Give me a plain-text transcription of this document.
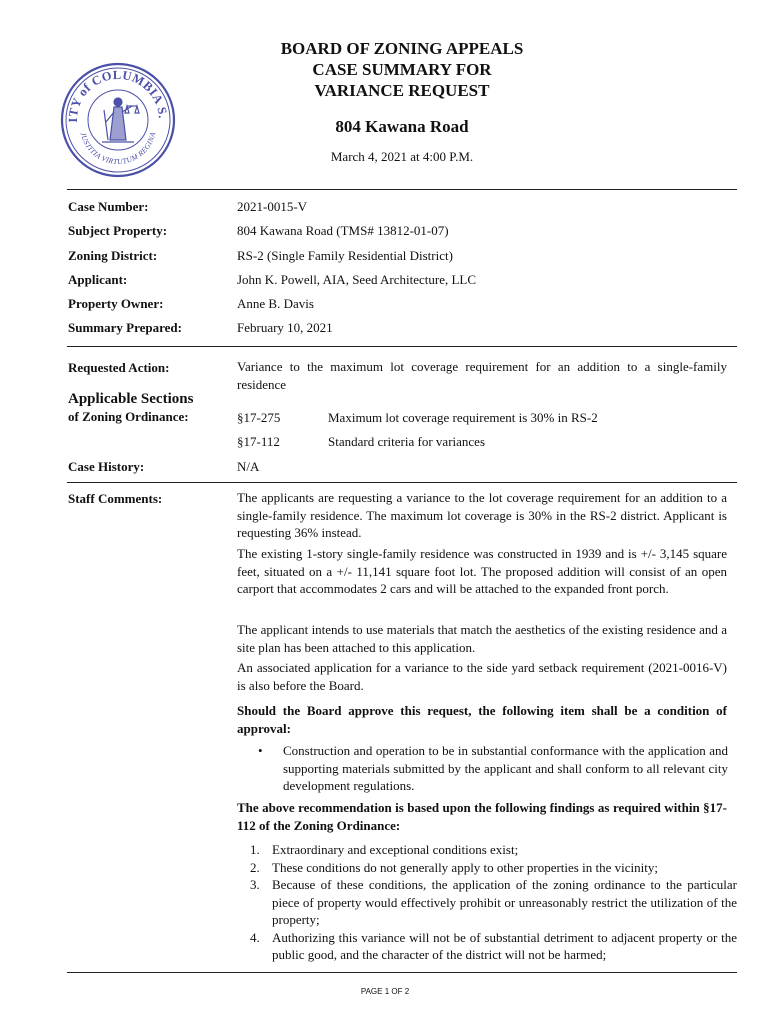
ITY of COLUMBIA S.
JUSTITIA VIRTUTUM REGINA
BOARD OF ZONING APPEALS
CASE SUMMARY FOR
VARIANCE REQUEST
804 Kawana Road
March 4, 2021 at 4:00 P.M.
Case Number:	2021-0015-V
Subject Property:	804 Kawana Road (TMS# 13812-01-07)
Zoning District:	RS-2 (Single Family Residential District)
Applicant:	John K. Powell, AIA, Seed Architecture, LLC
Property Owner:	Anne B. Davis
Summary Prepared:	February 10, 2021
Requested Action:	Variance to the maximum lot coverage requirement for an addition to a single-family residence
Applicable Sections
of Zoning Ordinance:	§17-275	Maximum lot coverage requirement is 30% in RS-2
§17-112	Standard criteria for variances
Case History:	N/A
Staff Comments:	The applicants are requesting a variance to the lot coverage requirement for an addition to a single-family residence. The maximum lot coverage is 30% in the RS-2 district. Applicant is requesting 36% instead.
The existing 1-story single-family residence was constructed in 1939 and is +/- 3,145 square feet, situated on a +/- 11,141 square foot lot. The proposed addition will consist of an open carport that accommodates 2 cars and will be attached to the expanded front porch.
The applicant intends to use materials that match the aesthetics of the existing residence and a site plan has been attached to this application.
An associated application for a variance to the side yard setback requirement (2021-0016-V) is also before the Board.
Should the Board approve this request, the following item shall be a condition of approval:
• Construction and operation to be in substantial conformance with the application and supporting materials submitted by the applicant and shall conform to all relevant city development regulations.
The above recommendation is based upon the following findings as required within §17-112 of the Zoning Ordinance:
1. Extraordinary and exceptional conditions exist;
2. These conditions do not generally apply to other properties in the vicinity;
3. Because of these conditions, the application of the zoning ordinance to the particular piece of property would effectively prohibit or unreasonably restrict the utilization of the property;
4. Authorizing this variance will not be of substantial detriment to adjacent property or the public good, and the character of the district will not be harmed;
PAGE 1 OF 2
